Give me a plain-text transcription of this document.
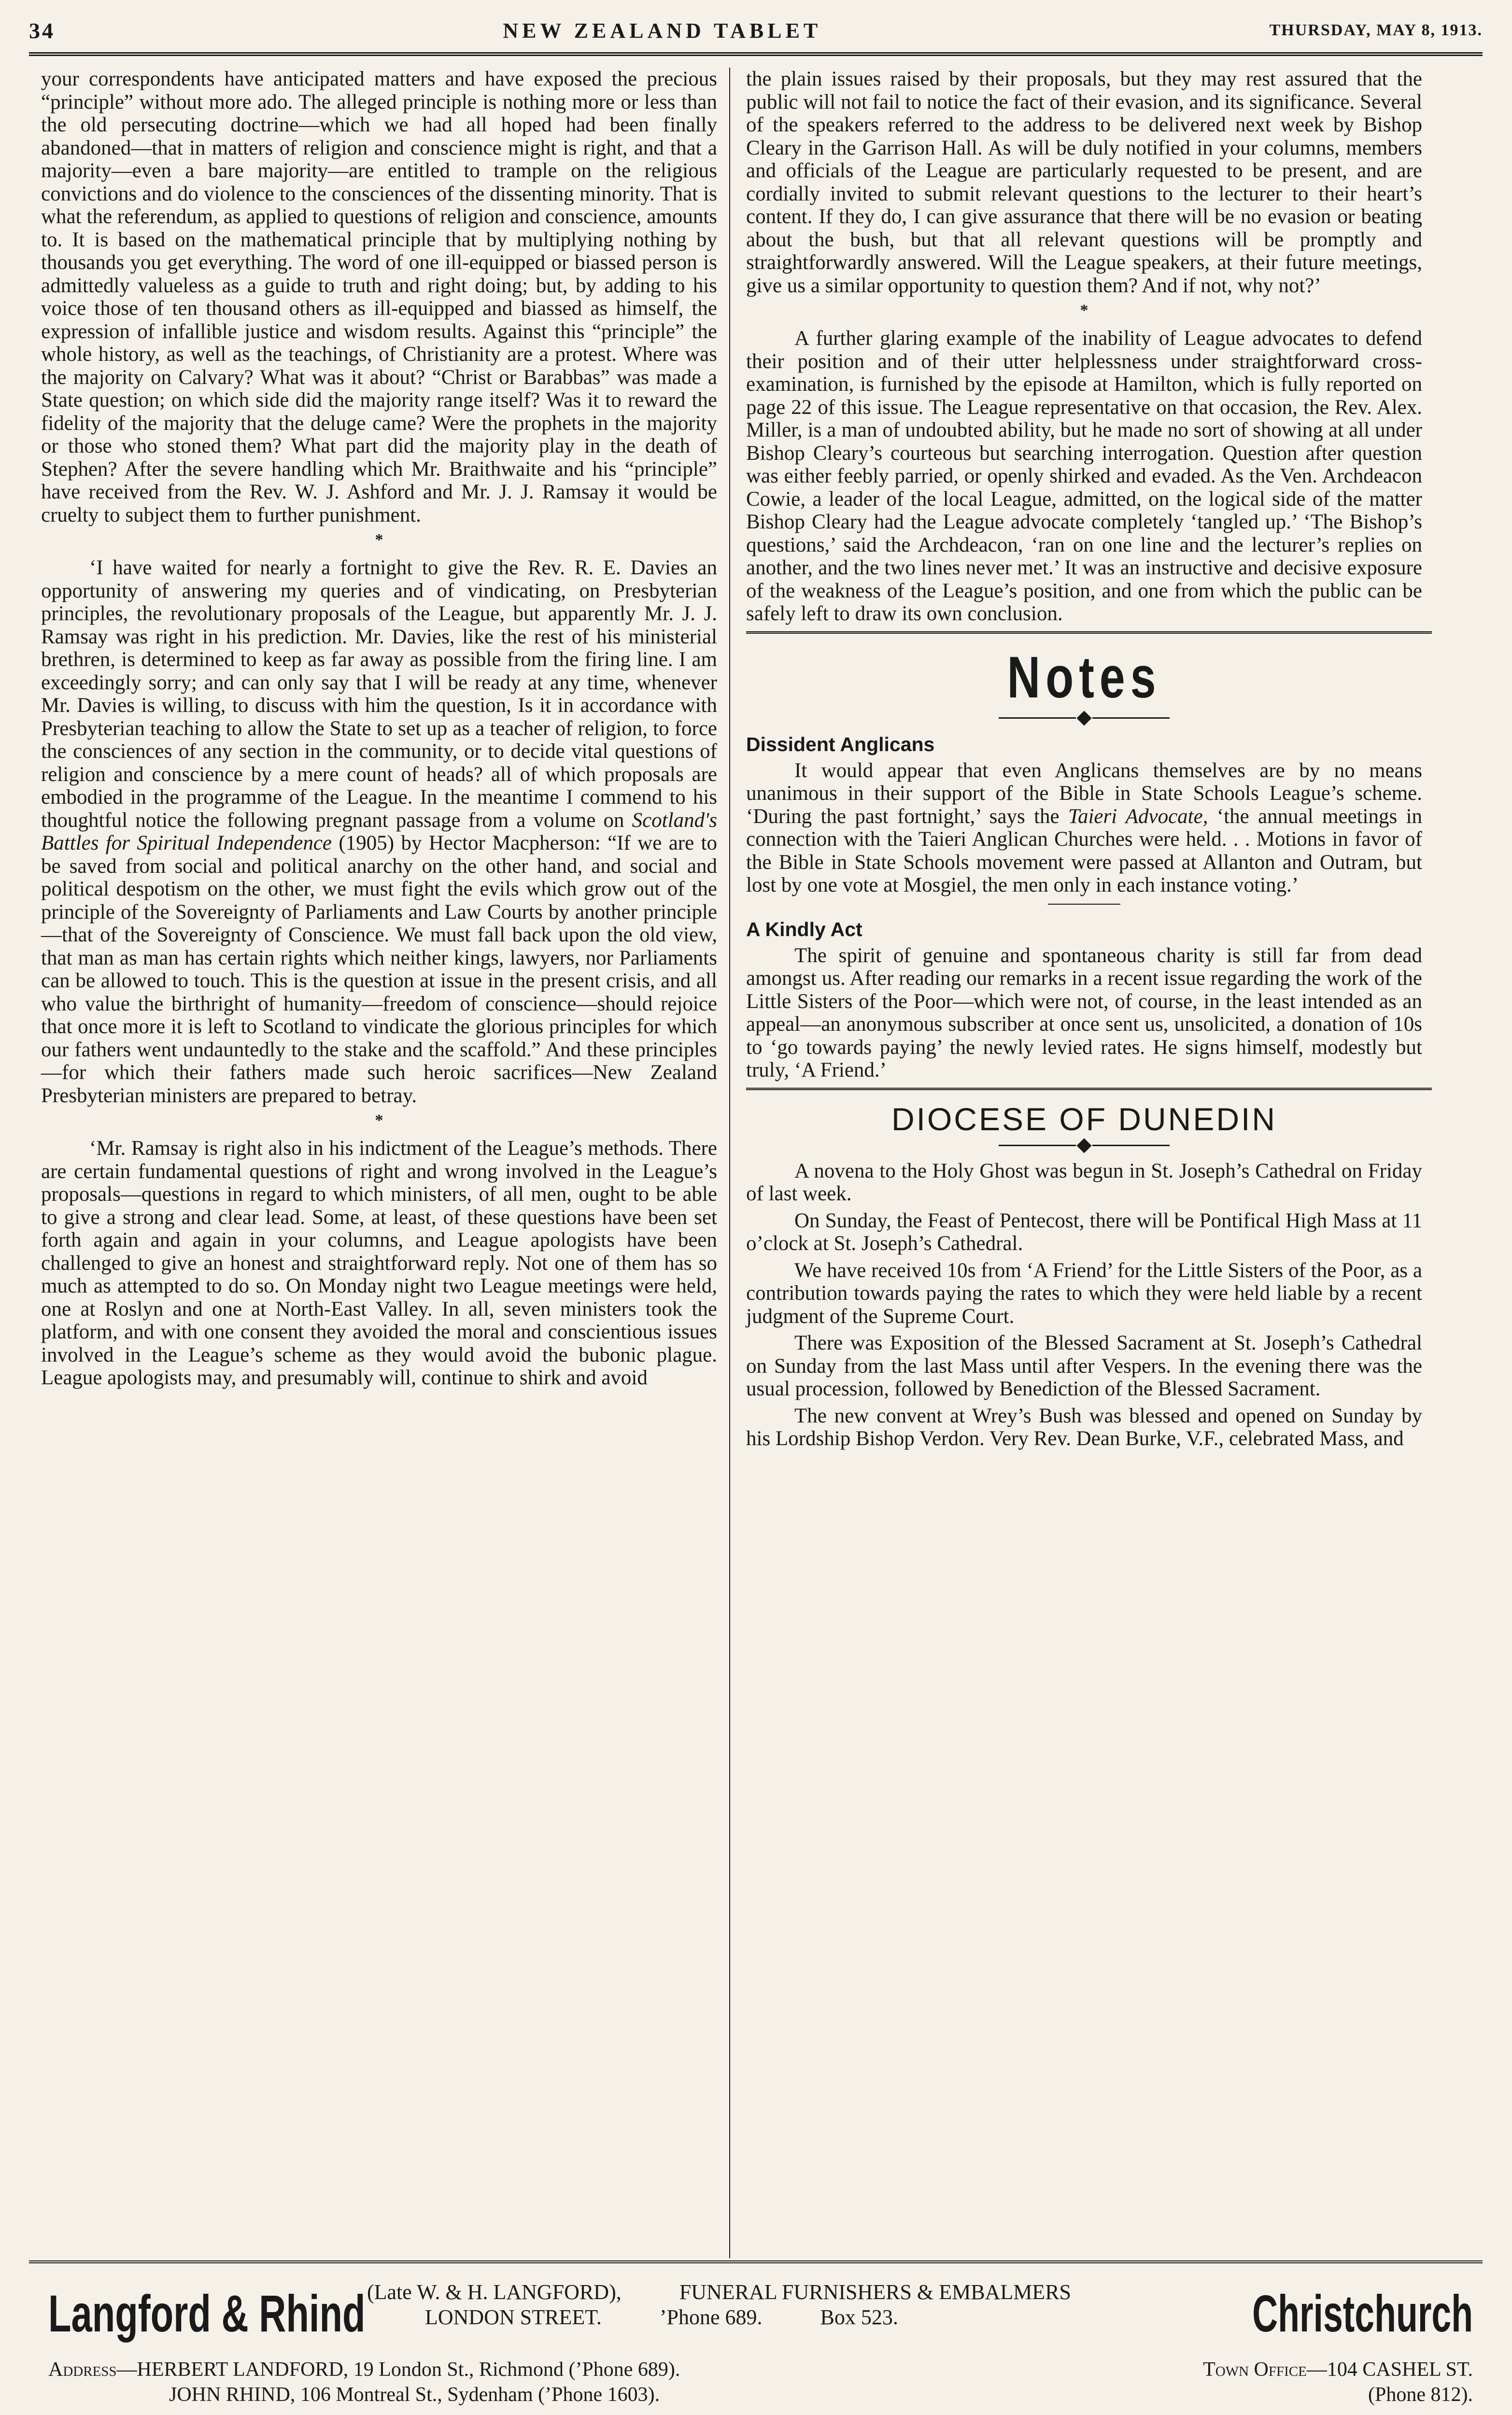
34	NEW ZEALAND TABLET	THURSDAY, MAY 8, 1913.

your correspondents have anticipated matters and have exposed the precious “principle” without more ado. The alleged principle is nothing more or less than the old persecuting doctrine—which we had all hoped had been finally abandoned—that in matters of religion and conscience might is right, and that a majority—even a bare majority—are entitled to trample on the religious convictions and do violence to the consciences of the dissenting minority. That is what the referendum, as applied to questions of religion and conscience, amounts to. It is based on the mathematical principle that by multiplying nothing by thousands you get everything. The word of one ill-equipped or biassed person is admittedly valueless as a guide to truth and right doing; but, by adding to his voice those of ten thousand others as ill-equipped and biassed as himself, the expression of infallible justice and wisdom results. Against this “principle” the whole history, as well as the teachings, of Christianity are a protest. Where was the majority on Calvary? What was it about? “Christ or Barabbas” was made a State question; on which side did the majority range itself? Was it to reward the fidelity of the majority that the deluge came? Were the prophets in the majority or those who stoned them? What part did the majority play in the death of Stephen? After the severe handling which Mr. Braithwaite and his “principle” have received from the Rev. W. J. Ashford and Mr. J. J. Ramsay it would be cruelty to subject them to further punishment.

*

‘I have waited for nearly a fortnight to give the Rev. R. E. Davies an opportunity of answering my queries and of vindicating, on Presbyterian principles, the revolutionary proposals of the League, but apparently Mr. J. J. Ramsay was right in his prediction. Mr. Davies, like the rest of his ministerial brethren, is determined to keep as far away as possible from the firing line. I am exceedingly sorry; and can only say that I will be ready at any time, whenever Mr. Davies is willing, to discuss with him the question, Is it in accordance with Presbyterian teaching to allow the State to set up as a teacher of religion, to force the consciences of any section in the community, or to decide vital questions of religion and conscience by a mere count of heads? all of which proposals are embodied in the programme of the League. In the meantime I commend to his thoughtful notice the following pregnant passage from a volume on Scotland's Battles for Spiritual Independence (1905) by Hector Macpherson: “If we are to be saved from social and political anarchy on the other hand, and social and political despotism on the other, we must fight the evils which grow out of the principle of the Sovereignty of Parliaments and Law Courts by another principle—that of the Sovereignty of Conscience. We must fall back upon the old view, that man as man has certain rights which neither kings, lawyers, nor Parliaments can be allowed to touch. This is the question at issue in the present crisis, and all who value the birthright of humanity—freedom of conscience—should rejoice that once more it is left to Scotland to vindicate the glorious principles for which our fathers went undauntedly to the stake and the scaffold.” And these principles—for which their fathers made such heroic sacrifices—New Zealand Presbyterian ministers are prepared to betray.

*

‘Mr. Ramsay is right also in his indictment of the League’s methods. There are certain fundamental questions of right and wrong involved in the League’s proposals—questions in regard to which ministers, of all men, ought to be able to give a strong and clear lead. Some, at least, of these questions have been set forth again and again in your columns, and League apologists have been challenged to give an honest and straightforward reply. Not one of them has so much as attempted to do so. On Monday night two League meetings were held, one at Roslyn and one at North-East Valley. In all, seven ministers took the platform, and with one consent they avoided the moral and conscientious issues involved in the League’s scheme as they would avoid the bubonic plague. League apologists may, and presumably will, continue to shirk and avoid

the plain issues raised by their proposals, but they may rest assured that the public will not fail to notice the fact of their evasion, and its significance. Several of the speakers referred to the address to be delivered next week by Bishop Cleary in the Garrison Hall. As will be duly notified in your columns, members and officials of the League are particularly requested to be present, and are cordially invited to submit relevant questions to the lecturer to their heart’s content. If they do, I can give assurance that there will be no evasion or beating about the bush, but that all relevant questions will be promptly and straightforwardly answered. Will the League speakers, at their future meetings, give us a similar opportunity to question them? And if not, why not?’

*

A further glaring example of the inability of League advocates to defend their position and of their utter helplessness under straightforward cross-examination, is furnished by the episode at Hamilton, which is fully reported on page 22 of this issue. The League representative on that occasion, the Rev. Alex. Miller, is a man of undoubted ability, but he made no sort of showing at all under Bishop Cleary’s courteous but searching interrogation. Question after question was either feebly parried, or openly shirked and evaded. As the Ven. Archdeacon Cowie, a leader of the local League, admitted, on the logical side of the matter Bishop Cleary had the League advocate completely ‘tangled up.’ ‘The Bishop’s questions,’ said the Archdeacon, ‘ran on one line and the lecturer’s replies on another, and the two lines never met.’ It was an instructive and decisive exposure of the weakness of the League’s position, and one from which the public can be safely left to draw its own conclusion.

Notes
Dissident Anglicans

It would appear that even Anglicans themselves are by no means unanimous in their support of the Bible in State Schools League’s scheme. ‘During the past fortnight,’ says the Taieri Advocate, ‘the annual meetings in connection with the Taieri Anglican Churches were held. . . Motions in favor of the Bible in State Schools movement were passed at Allanton and Outram, but lost by one vote at Mosgiel, the men only in each instance voting.’

A Kindly Act

The spirit of genuine and spontaneous charity is still far from dead amongst us. After reading our remarks in a recent issue regarding the work of the Little Sisters of the Poor—which were not, of course, in the least intended as an appeal—an anonymous subscriber at once sent us, unsolicited, a donation of 10s to ‘go towards paying’ the newly levied rates. He signs himself, modestly but truly, ‘A Friend.’

DIOCESE OF DUNEDIN

A novena to the Holy Ghost was begun in St. Joseph’s Cathedral on Friday of last week.

On Sunday, the Feast of Pentecost, there will be Pontifical High Mass at 11 o’clock at St. Joseph’s Cathedral.

We have received 10s from ‘A Friend’ for the Little Sisters of the Poor, as a contribution towards paying the rates to which they were held liable by a recent judgment of the Supreme Court.

There was Exposition of the Blessed Sacrament at St. Joseph’s Cathedral on Sunday from the last Mass until after Vespers. In the evening there was the usual procession, followed by Benediction of the Blessed Sacrament.

The new convent at Wrey’s Bush was blessed and opened on Sunday by his Lordship Bishop Verdon. Very Rev. Dean Burke, V.F., celebrated Mass, and

Langford & Rhind (Late W. & H. LANGFORD),	FUNERAL FURNISHERS & EMBALMERS
LONDON STREET.	’Phone 689.	Box 523.	Christchurch
Address—HERBERT LANDFORD, 19 London St., Richmond (’Phone 689).
JOHN RHIND, 106 Montreal St., Sydenham (’Phone 1603).
Town Office—104 CASHEL ST.
(Phone 812).
